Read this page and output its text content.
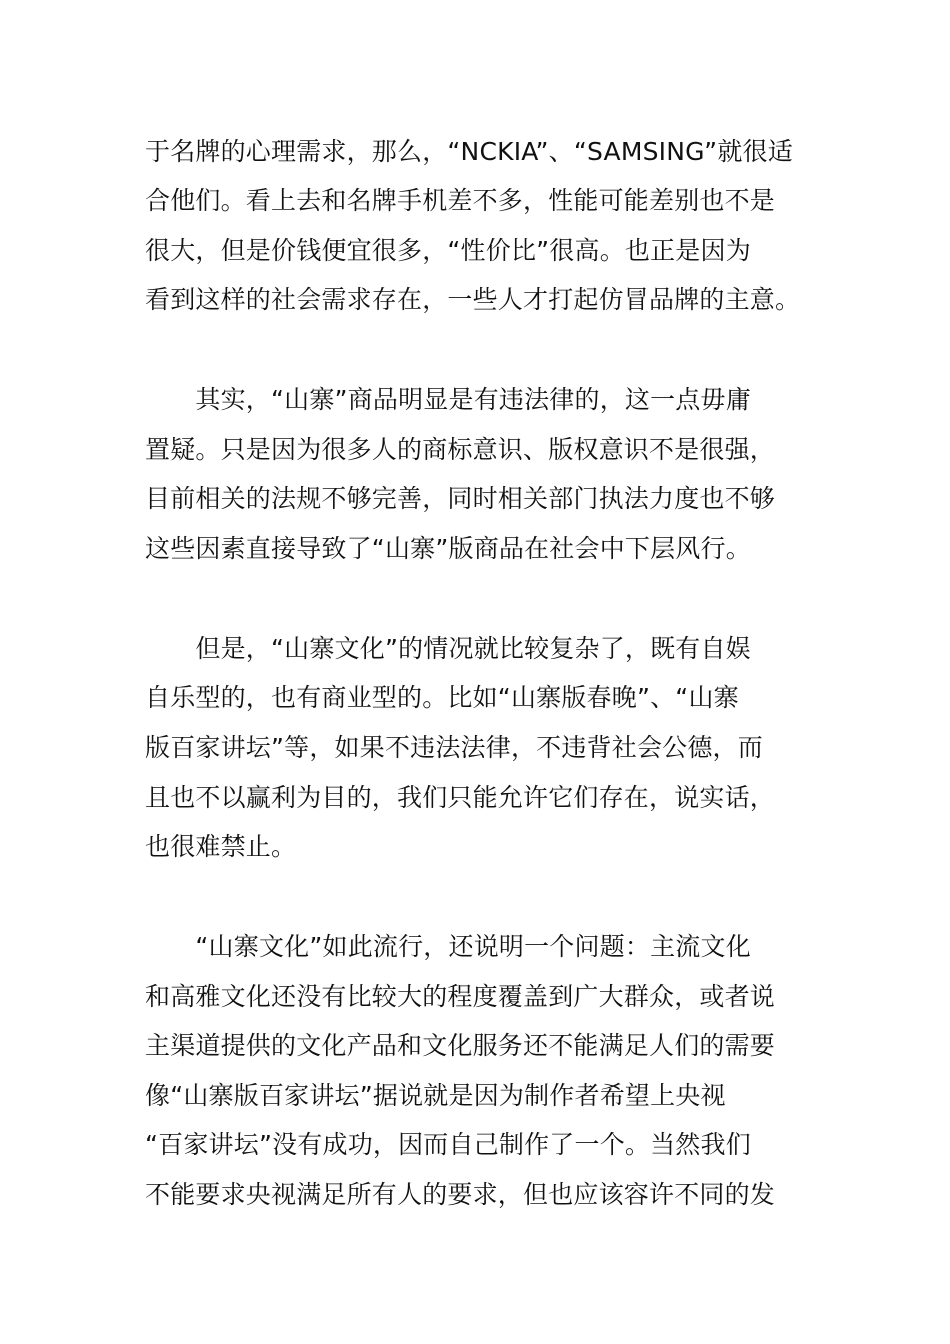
于名牌的心理需求，那么，“NCKIA”、“SAMSING”就很适
合他们。看上去和名牌手机差不多，性能可能差别也不是
很大，但是价钱便宜很多，“性价比”很高。也正是因为
看到这样的社会需求存在，一些人才打起仿冒品牌的主意。
　　其实，“山寨”商品明显是有违法律的，这一点毋庸
置疑。只是因为很多人的商标意识、版权意识不是很强，
目前相关的法规不够完善，同时相关部门执法力度也不够
这些因素直接导致了“山寨”版商品在社会中下层风行。
　　但是，“山寨文化”的情况就比较复杂了，既有自娱
自乐型的，也有商业型的。比如“山寨版春晚”、“山寨
版百家讲坛”等，如果不违法法律，不违背社会公德，而
且也不以赢利为目的，我们只能允许它们存在，说实话，
也很难禁止。
　　“山寨文化”如此流行，还说明一个问题：主流文化
和高雅文化还没有比较大的程度覆盖到广大群众，或者说
主渠道提供的文化产品和文化服务还不能满足人们的需要
像“山寨版百家讲坛”据说就是因为制作者希望上央视
“百家讲坛”没有成功，因而自己制作了一个。当然我们
不能要求央视满足所有人的要求，但也应该容许不同的发
